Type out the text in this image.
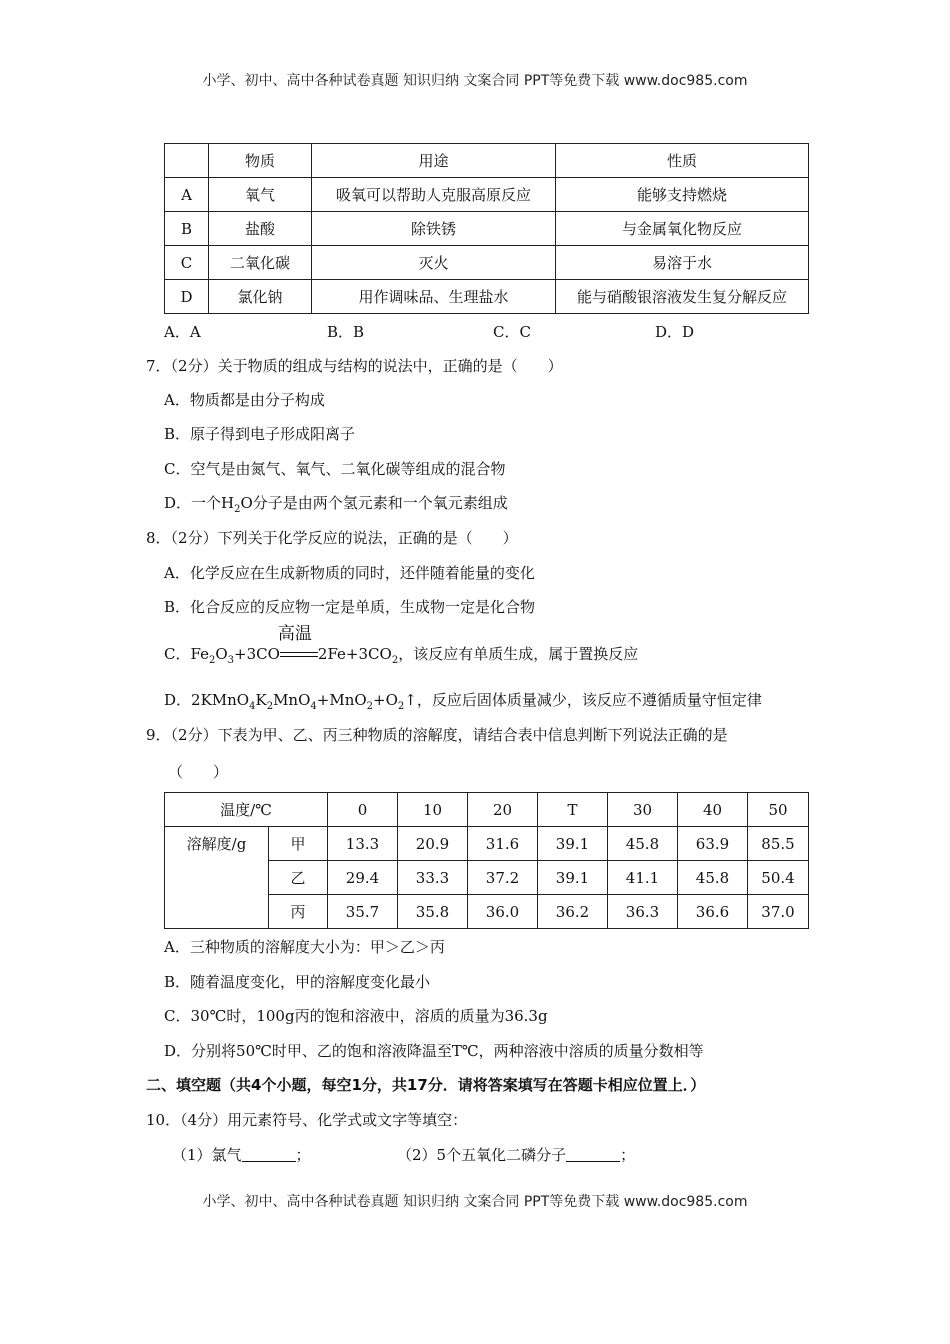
小学、初中、高中各种试卷真题 知识归纳 文案合同 PPT等免费下载 www.doc985.com
	物质	用途	性质
A	氧气	吸氧可以帮助人克服高原反应	能够支持燃烧
B	盐酸	除铁锈	与金属氧化物反应
C	二氧化碳	灭火	易溶于水
D	氯化钠	用作调味品、生理盐水	能与硝酸银溶液发生复分解反应
A．A	B．B	C．C	D．D
7．（2分）关于物质的组成与结构的说法中，正确的是（　　）
A．物质都是由分子构成
B．原子得到电子形成阳离子
C．空气是由氮气、氧气、二氧化碳等组成的混合物
D．一个$H_2O$分子是由两个氢元素和一个氧元素组成
8．（2分）下列关于化学反应的说法，正确的是（　　）
A．化学反应在生成新物质的同时，还伴随着能量的变化
B．化合反应的反应物一定是单质，生成物一定是化合物
C．$Fe_2O_3+3CO$
高温
$2Fe+3CO_2$，该反应有单质生成，属于置换反应
D．$2KMnO_4K_2MnO_4+MnO_2+O_2↑$，反应后固体质量减少，该反应不遵循质量守恒定律
9．（2分）下表为甲、乙、丙三种物质的溶解度，请结合表中信息判断下列说法正确的是
（　　）
温度/℃		0	10	20	T	30	40	50
溶解度/g	甲	13.3	20.9	31.6	39.1	45.8	63.9	85.5
	乙	29.4	33.3	37.2	39.1	41.1	45.8	50.4
	丙	35.7	35.8	36.0	36.2	36.3	36.6	37.0
A．三种物质的溶解度大小为：甲＞乙＞丙
B．随着温度变化，甲的溶解度变化最小
C．30℃时，100g丙的饱和溶液中，溶质的质量为36.3g
D．分别将50℃时甲、乙的饱和溶液降温至T℃，两种溶液中溶质的质量分数相等
二、填空题（共4个小题，每空1分，共17分．请将答案填写在答题卡相应位置上．）
10．（4分）用元素符号、化学式或文字等填空：
（1）氯气	；	（2）5个五氧化二磷分子	；
小学、初中、高中各种试卷真题 知识归纳 文案合同 PPT等免费下载 www.doc985.com
